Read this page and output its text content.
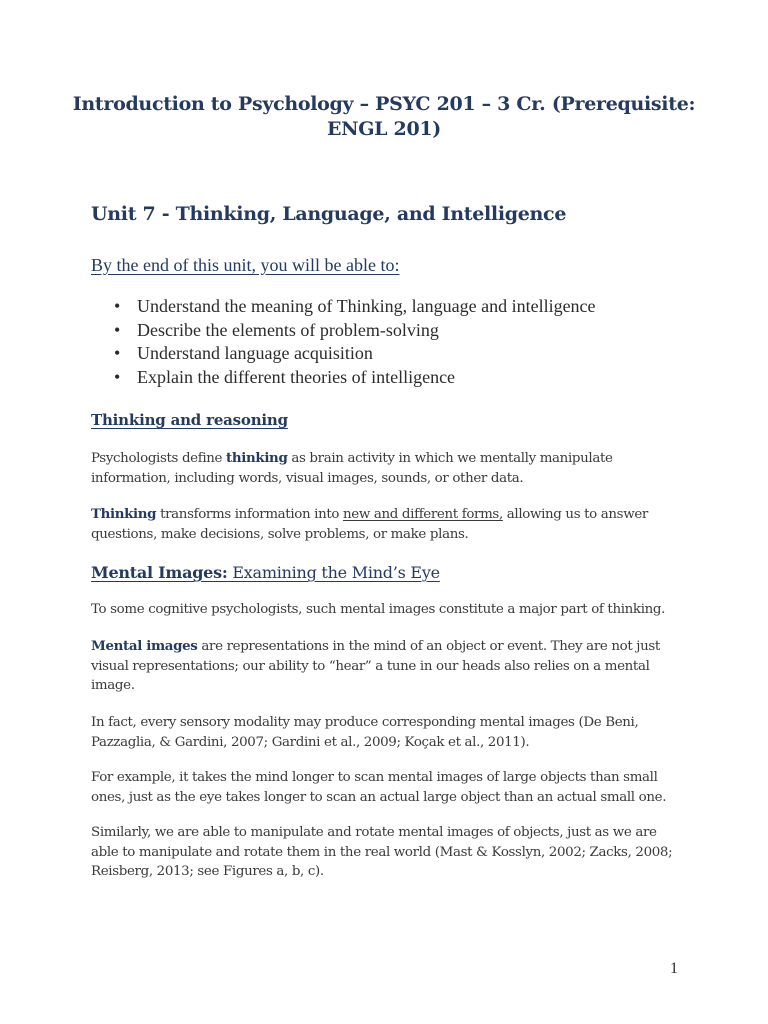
Introduction to Psychology – PSYC 201 – 3 Cr. (Prerequisite:
ENGL 201)
Unit 7 - Thinking, Language, and Intelligence
By the end of this unit, you will be able to:
• Understand the meaning of Thinking, language and intelligence
• Describe the elements of problem-solving
• Understand language acquisition
• Explain the different theories of intelligence
Thinking and reasoning

Psychologists define thinking as brain activity in which we mentally manipulate
information, including words, visual images, sounds, or other data.

Thinking transforms information into new and different forms, allowing us to answer
questions, make decisions, solve problems, or make plans.

Mental Images: Examining the Mind’s Eye

To some cognitive psychologists, such mental images constitute a major part of thinking.

Mental images are representations in the mind of an object or event. They are not just
visual representations; our ability to “hear” a tune in our heads also relies on a mental
image.

In fact, every sensory modality may produce corresponding mental images (De Beni,
Pazzaglia, & Gardini, 2007; Gardini et al., 2009; Koçak et al., 2011).

For example, it takes the mind longer to scan mental images of large objects than small
ones, just as the eye takes longer to scan an actual large object than an actual small one.

Similarly, we are able to manipulate and rotate mental images of objects, just as we are
able to manipulate and rotate them in the real world (Mast & Kosslyn, 2002; Zacks, 2008;
Reisberg, 2013; see Figures a, b, c).

1
